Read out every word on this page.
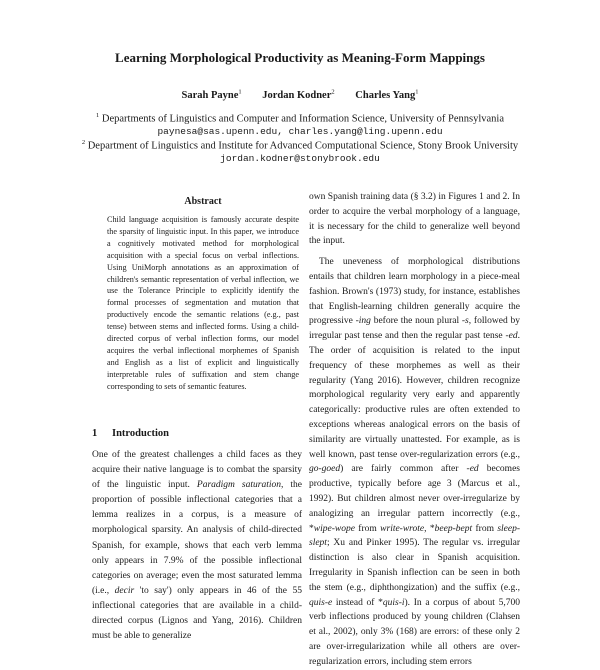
Learning Morphological Productivity as Meaning-Form Mappings
Sarah Payne$^1$ Jordan Kodner$^2$ Charles Yang$^1$
$^1$ Departments of Linguistics and Computer and Information Science, University of Pennsylvania
paynesa@sas.upenn.edu, charles.yang@ling.upenn.edu
$^2$ Department of Linguistics and Institute for Advanced Computational Science, Stony Brook University
jordan.kodner@stonybrook.edu
Abstract
Child language acquisition is famously accurate despite the sparsity of linguistic input. In this paper, we introduce a cognitively motivated method for morphological acquisition with a special focus on verbal inflections. Using UniMorph annotations as an approximation of children's semantic representation of verbal inflection, we use the Tolerance Principle to explicitly identify the formal processes of segmentation and mutation that productively encode the semantic relations (e.g., past tense) between stems and inflected forms. Using a child-directed corpus of verbal inflection forms, our model acquires the verbal inflectional morphemes of Spanish and English as a list of explicit and linguistically interpretable rules of suffixation and stem change corresponding to sets of semantic features.
1 Introduction

One of the greatest challenges a child faces as they acquire their native language is to combat the sparsity of the linguistic input. Paradigm saturation, the proportion of possible inflectional categories that a lemma realizes in a corpus, is a measure of morphological sparsity. An analysis of child-directed Spanish, for example, shows that each verb lemma only appears in 7.9% of the possible inflectional categories on average; even the most saturated lemma (i.e., decir 'to say') only appears in 46 of the 55 inflectional categories that are available in a child-directed corpus (Lignos and Yang, 2016). Children must be able to generalize

own Spanish training data (§ 3.2) in Figures 1 and 2. In order to acquire the verbal morphology of a language, it is necessary for the child to generalize well beyond the input.

The uneveness of morphological distributions entails that children learn morphology in a piece-meal fashion. Brown's (1973) study, for instance, establishes that English-learning children generally acquire the progressive -ing before the noun plural -s, followed by irregular past tense and then the regular past tense -ed. The order of acquisition is related to the input frequency of these morphemes as well as their regularity (Yang 2016). However, children recognize morphological regularity very early and apparently categorically: productive rules are often extended to exceptions whereas analogical errors on the basis of similarity are virtually unattested. For example, as is well known, past tense over-regularization errors (e.g., go-goed) are fairly common after -ed becomes productive, typically before age 3 (Marcus et al., 1992). But children almost never over-irregularize by analogizing an irregular pattern incorrectly (e.g., *wipe-wope from write-wrote, *beep-bept from sleep-slept; Xu and Pinker 1995). The regular vs. irregular distinction is also clear in Spanish acquisition. Irregularity in Spanish inflection can be seen in both the stem (e.g., diphthongization) and the suffix (e.g., quis-e instead of *quis-i). In a corpus of about 5,700 verb inflections produced by young children (Clahsen et al., 2002), only 3% (168) are errors: of these only 2 are over-irregularization while all others are over-regularization errors, including stem errors
